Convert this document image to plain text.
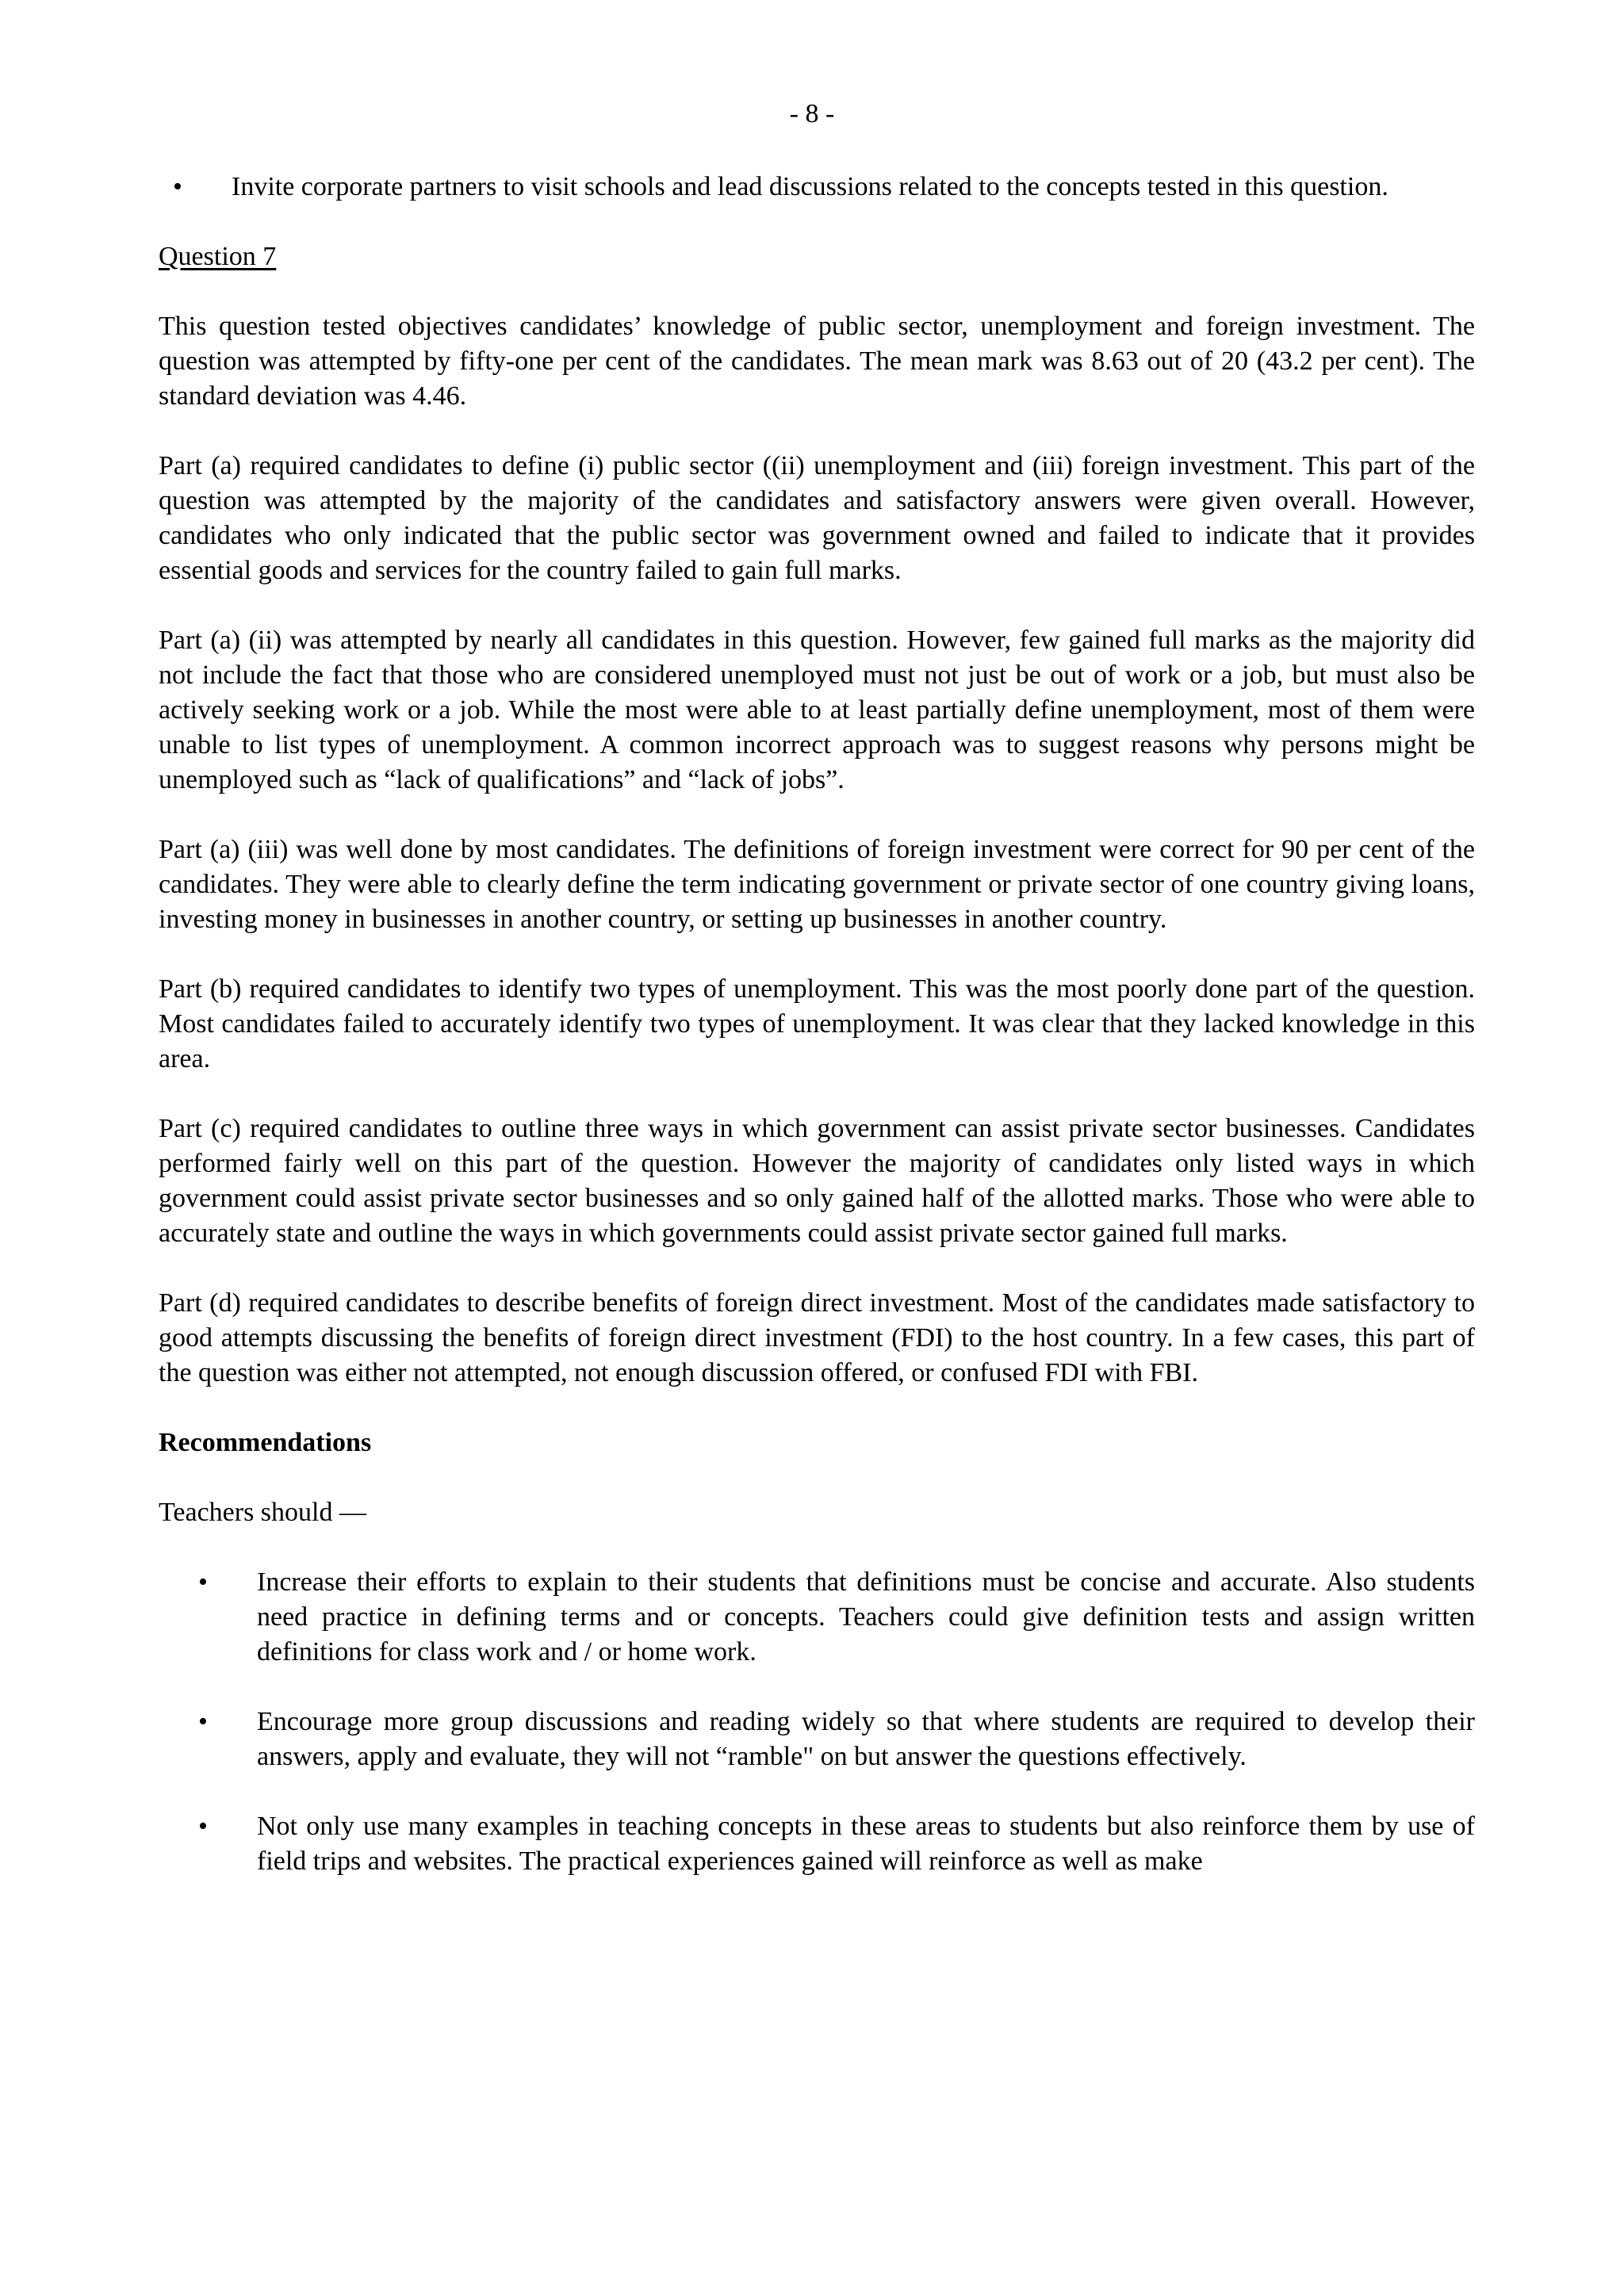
- 8 -
• Invite corporate partners to visit schools and lead discussions related to the concepts tested in this question.
Question 7

This question tested objectives candidates’ knowledge of public sector, unemployment and foreign investment. The question was attempted by fifty-one per cent of the candidates. The mean mark was 8.63 out of 20 (43.2 per cent). The standard deviation was 4.46.

Part (a) required candidates to define (i) public sector ((ii) unemployment and (iii) foreign investment. This part of the question was attempted by the majority of the candidates and satisfactory answers were given overall. However, candidates who only indicated that the public sector was government owned and failed to indicate that it provides essential goods and services for the country failed to gain full marks.

Part (a) (ii) was attempted by nearly all candidates in this question. However, few gained full marks as the majority did not include the fact that those who are considered unemployed must not just be out of work or a job, but must also be actively seeking work or a job. While the most were able to at least partially define unemployment, most of them were unable to list types of unemployment. A common incorrect approach was to suggest reasons why persons might be unemployed such as “lack of qualifications” and “lack of jobs”.

Part (a) (iii) was well done by most candidates. The definitions of foreign investment were correct for 90 per cent of the candidates. They were able to clearly define the term indicating government or private sector of one country giving loans, investing money in businesses in another country, or setting up businesses in another country.

Part (b) required candidates to identify two types of unemployment. This was the most poorly done part of the question. Most candidates failed to accurately identify two types of unemployment. It was clear that they lacked knowledge in this area.

Part (c) required candidates to outline three ways in which government can assist private sector businesses. Candidates performed fairly well on this part of the question. However the majority of candidates only listed ways in which government could assist private sector businesses and so only gained half of the allotted marks. Those who were able to accurately state and outline the ways in which governments could assist private sector gained full marks.

Part (d) required candidates to describe benefits of foreign direct investment. Most of the candidates made satisfactory to good attempts discussing the benefits of foreign direct investment (FDI) to the host country. In a few cases, this part of the question was either not attempted, not enough discussion offered, or confused FDI with FBI.

Recommendations

Teachers should —

• Increase their efforts to explain to their students that definitions must be concise and accurate. Also students need practice in defining terms and or concepts. Teachers could give definition tests and assign written definitions for class work and / or home work.
• Encourage more group discussions and reading widely so that where students are required to develop their answers, apply and evaluate, they will not “ramble" on but answer the questions effectively.
• Not only use many examples in teaching concepts in these areas to students but also reinforce them by use of field trips and websites. The practical experiences gained will reinforce as well as make
